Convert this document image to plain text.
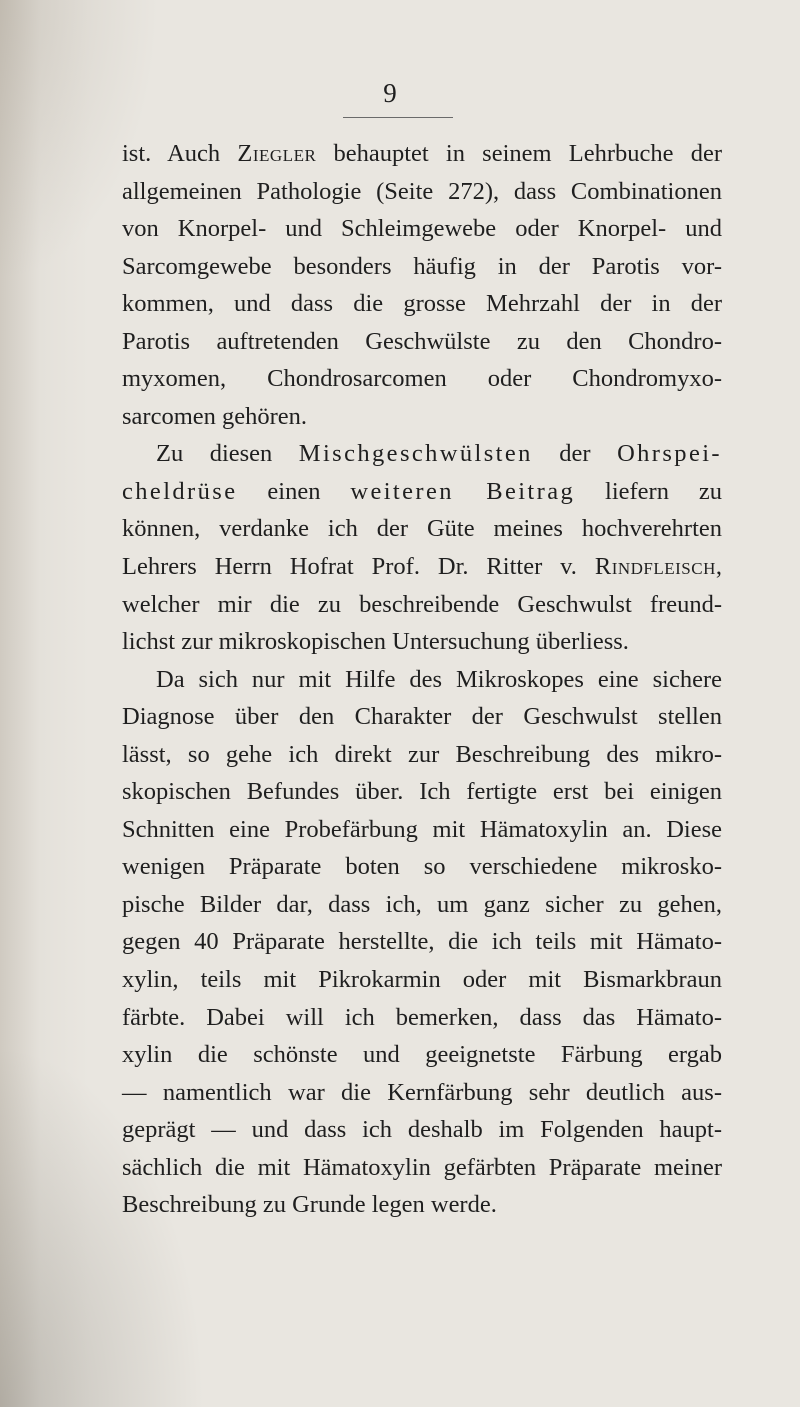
9
ist. Auch Ziegler behauptet in seinem Lehrbuche der
allgemeinen Pathologie (Seite 272), dass Combinationen
von Knorpel- und Schleimgewebe oder Knorpel- und
Sarcomgewebe besonders häufig in der Parotis vor-
kommen, und dass die grosse Mehrzahl der in der
Parotis auftretenden Geschwülste zu den Chondro-
myxomen, Chondrosarcomen oder Chondromyxo-
sarcomen gehören.
Zu diesen Mischgeschwülsten der Ohrspei-
cheldrüse einen weiteren Beitrag liefern zu
können, verdanke ich der Güte meines hochverehrten
Lehrers Herrn Hofrat Prof. Dr. Ritter v. Rindfleisch,
welcher mir die zu beschreibende Geschwulst freund-
lichst zur mikroskopischen Untersuchung überliess.
Da sich nur mit Hilfe des Mikroskopes eine sichere
Diagnose über den Charakter der Geschwulst stellen
lässt, so gehe ich direkt zur Beschreibung des mikro-
skopischen Befundes über. Ich fertigte erst bei einigen
Schnitten eine Probefärbung mit Hämatoxylin an. Diese
wenigen Präparate boten so verschiedene mikrosko-
pische Bilder dar, dass ich, um ganz sicher zu gehen,
gegen 40 Präparate herstellte, die ich teils mit Hämato-
xylin, teils mit Pikrokarmin oder mit Bismarkbraun
färbte. Dabei will ich bemerken, dass das Hämato-
xylin die schönste und geeignetste Färbung ergab
— namentlich war die Kernfärbung sehr deutlich aus-
geprägt — und dass ich deshalb im Folgenden haupt-
sächlich die mit Hämatoxylin gefärbten Präparate meiner
Beschreibung zu Grunde legen werde.
